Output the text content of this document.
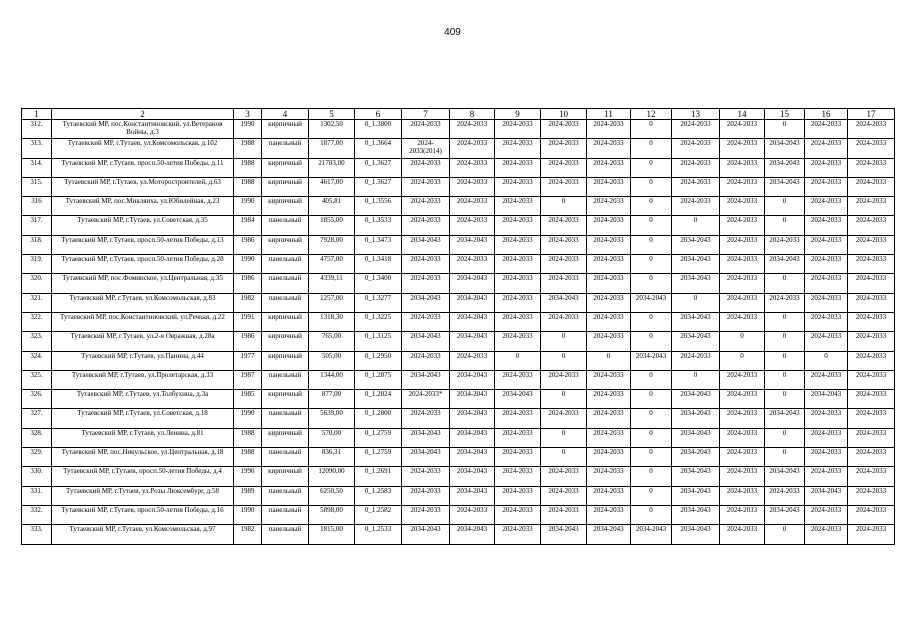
409
1	2	3	4	5	6	7	8	9	10	11	12	13	14	15	16	17
312.	Тутаевский МР, пос.Константиновский, ул.Ветеранов Войны, д.3	1990	кирпичный	1302,50	0_1.3800	2024-2033	2024-2033	2024-2033	2024-2033	2024-2033	0	2024-2033	2024-2033	0	2024-2033	2024-2033
313.	Тутаевский МР, г.Тутаев, ул.Комсомольская, д.102	1988	панельный	1877,00	0_1.3664	2024-2033(2014)	2024-2033	2024-2033	2024-2033	2024-2033	0	2024-2033	2024-2033	2034-2043	2024-2033	2024-2033
314.	Тутаевский МР, г.Тутаев, просп.50-летия Победы, д.11	1988	кирпичный	21703,00	0_1.3627	2024-2033	2024-2033	2024-2033	2024-2033	2024-2033	0	2024-2033	2024-2033	2034-2043	2024-2033	2024-2033
315.	Тутаевский МР, г.Тутаев, ул.Моторостроителей, д.63	1988	кирпичный	4617,00	0_1.3627	2024-2033	2024-2033	2024-2033	2024-2033	2024-2033	0	2024-2033	2024-2033	2034-2043	2024-2033	2024-2033
316	Тутаевский МР, пос.Микляиха, ул.Юбилейная, д.23	1990	кирпичный	405,81	0_1.3556	2024-2033	2024-2033	2024-2033	0	2024-2033	0	2024-2033	2024-2033	0	2024-2033	2024-2033
317.	Тутаевский МР, г.Тутаев, ул.Советская, д.35	1984	панельный	1855,00	0_1.3533	2024-2033	2024-2033	2024-2033	2024-2033	2024-2033	0	0	2024-2033	0	2024-2033	2024-2033
318.	Тутаевский МР, г.Тутаев, просп.50-летия Победы, д.13	1986	кирпичный	7928,00	0_1.3473	2034-2043	2034-2043	2024-2033	2024-2033	2024-2033	0	2034-2043	2024-2033	2024-2033	2024-2033	2024-2033
319.	Тутаевский МР, г.Тутаев, просп.50-летия Победы, д.28	1990	панельный	4757,00	0_1.3418	2024-2033	2024-2033	2024-2033	2024-2033	2024-2033	0	2034-2043	2024-2033	2034-2043	2024-2033	2024-2033
320.	Тутаевский МР, пос.Фоминское, ул.Центральная, д.35	1986	панельный	4339,11	0_1.3400	2024-2033	2034-2043	2024-2033	2024-2033	2024-2033	0	2034-2043	2024-2033	0	2024-2033	2024-2033
321.	Тутаевский МР, г.Тутаев, ул.Комсомольская, д.83	1982	панельный	1257,00	0_1.3277	2034-2043	2034-2043	2024-2033	2034-2043	2024-2033	2034-2043	0	2024-2033	2024-2033	2024-2033	2024-2033
322.	Тутаевский МР, пос.Константиновский, ул.Речная, д.22	1991	кирпичный	1318,30	0_1.3225	2024-2033	2034-2043	2024-2033	2024-2033	2024-2033	0	2034-2043	2024-2033	0	2024-2033	2024-2033
323.	Тутаевский МР, г.Тутаев, ул.2-я Овражная, д.28а	1986	кирпичный	765,00	0_1.3125	2034-2043	2034-2043	2024-2033	0	2024-2033	0	2034-2043	0	0	2024-2033	2024-2033
324.	Тутаевский МР, г.Тутаев, ул.Панина, д.44	1977	кирпичный	505,00	0_1.2950	2024-2033	2024-2033	0	0	0	2034-2043	2024-2033	0	0	0	2024-2033
325.	Тутаевский МР, г.Тутаев, ул.Пролетарская, д.33	1987	панельный	1344,00	0_1.2875	2034-2043	2034-2043	2024-2033	2024-2033	2024-2033	0	0	2024-2033	0	2024-2033	2024-2033
326.	Тутаевский МР, г.Тутаев, ул.Толбухина, д.3а	1985	кирпичный	877,00	0_1.2824	2024-2033*	2034-2043	2034-2043	0	2024-2033	0	2034-2043	2024-2033	0	2034-2043	2024-2033
327.	Тутаевский МР, г.Тутаев, ул.Советская, д.18	1990	панельный	5639,00	0_1.2800	2024-2033	2034-2043	2024-2033	2024-2033	2024-2033	0	2034-2043	2024-2033	2034-2043	2024-2033	2024-2033
328.	Тутаевский МР, г.Тутаев, ул.Ленина, д.81	1988	кирпичный	570,00	0_1.2759	2034-2043	2034-2043	2024-2033	0	2024-2033	0	2034-2043	2024-2033	0	2024-2033	2024-2033
329.	Тутаевский МР, пос.Никульское, ул.Центральная, д.18	1988	панельный	836,31	0_1.2759	2034-2043	2034-2043	2024-2033	0	2024-2033	0	2034-2043	2024-2033	0	2024-2033	2024-2033
330.	Тутаевский МР, г.Тутаев, просп.50-летия Победы, д.4	1990	кирпичный	12090,00	0_1.2691	2024-2033	2034-2043	2024-2033	2024-2033	2024-2033	0	2034-2043	2024-2033	2034-2043	2024-2033	2024-2033
331.	Тутаевский МР, г.Тутаев, ул.Розы Люксембург, д.58	1989	панельный	6250,50	0_1.2583	2024-2033	2034-2043	2024-2033	2024-2033	2024-2033	0	2034-2043	2024-2033	2024-2033	2034-2043	2024-2033
332.	Тутаевский МР, г.Тутаев, просп.50-летия Победы, д.16	1990	панельный	5898,00	0_1.2582	2024-2033	2024-2033	2024-2033	2024-2033	2024-2033	0	2034-2043	2024-2033	2034-2043	2024-2033	2024-2033
333.	Тутаевский МР, г.Тутаев, ул.Комсомольская, д.97	1982	панельный	1815,00	0_1.2533	2034-2043	2034-2043	2024-2033	2034-2043	2034-2043	2034-2043	2034-2043	2024-2033	0	2024-2033	2024-2033
